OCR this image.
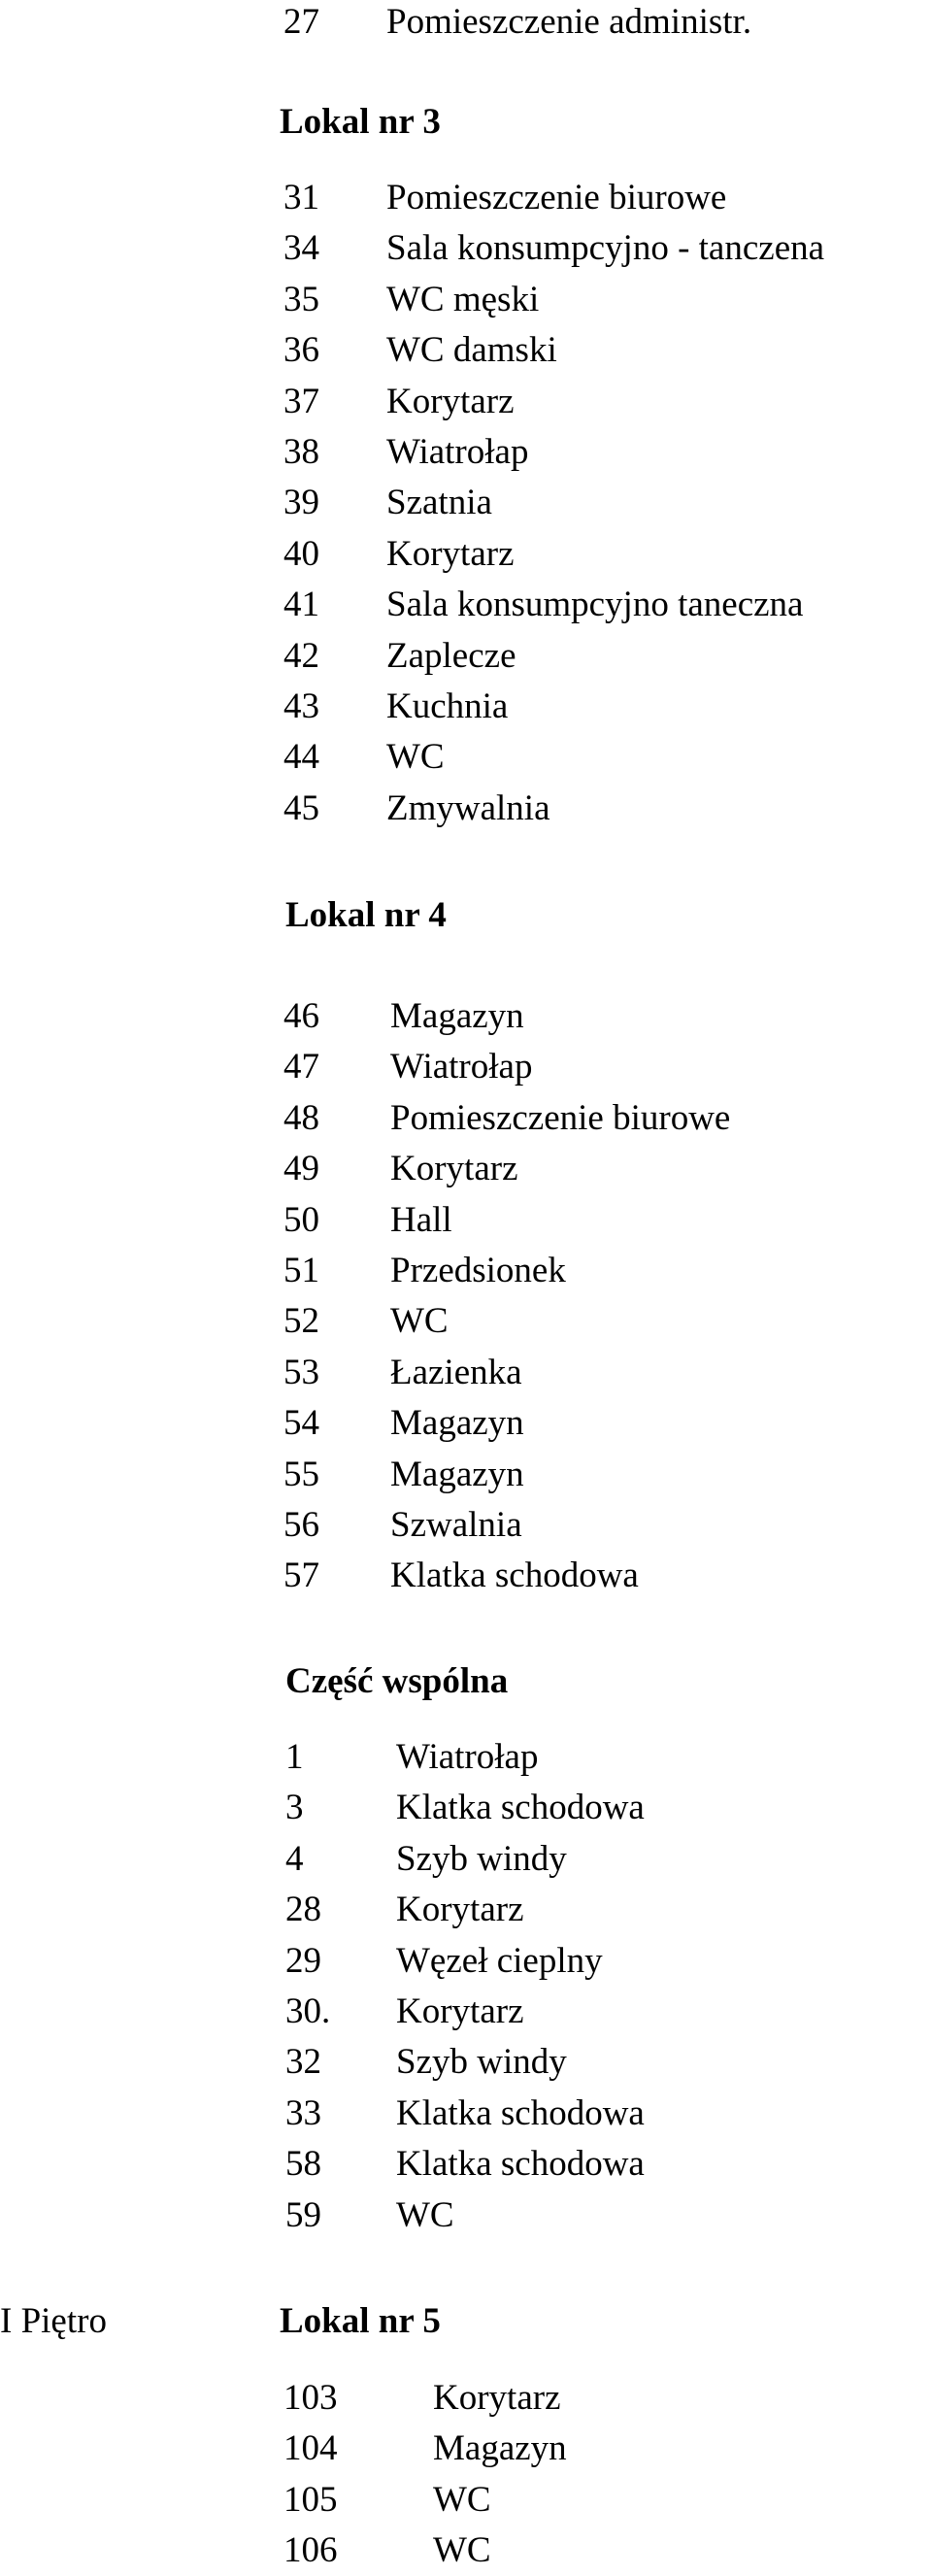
27 Pomieszczenie administr.
Lokal nr 3
31 Pomieszczenie biurowe
34 Sala konsumpcyjno - tanczena
35 WC męski
36 WC damski
37 Korytarz
38 Wiatrołap
39 Szatnia
40 Korytarz
41 Sala konsumpcyjno taneczna
42 Zaplecze
43 Kuchnia
44 WC
45 Zmywalnia
Lokal nr 4
46 Magazyn
47 Wiatrołap
48 Pomieszczenie biurowe
49 Korytarz
50 Hall
51 Przedsionek
52 WC
53 Łazienka
54 Magazyn
55 Magazyn
56 Szwalnia
57 Klatka schodowa
Część wspólna
1	Wiatrołap
3	Klatka schodowa
4	Szyb windy
28 Korytarz
29 Węzeł cieplny
30. Korytarz
32 Szyb windy
33 Klatka schodowa
58 Klatka schodowa
59 WC
I Piętro	Lokal nr 5
103	Korytarz
104	Magazyn
105	WC
106	WC
